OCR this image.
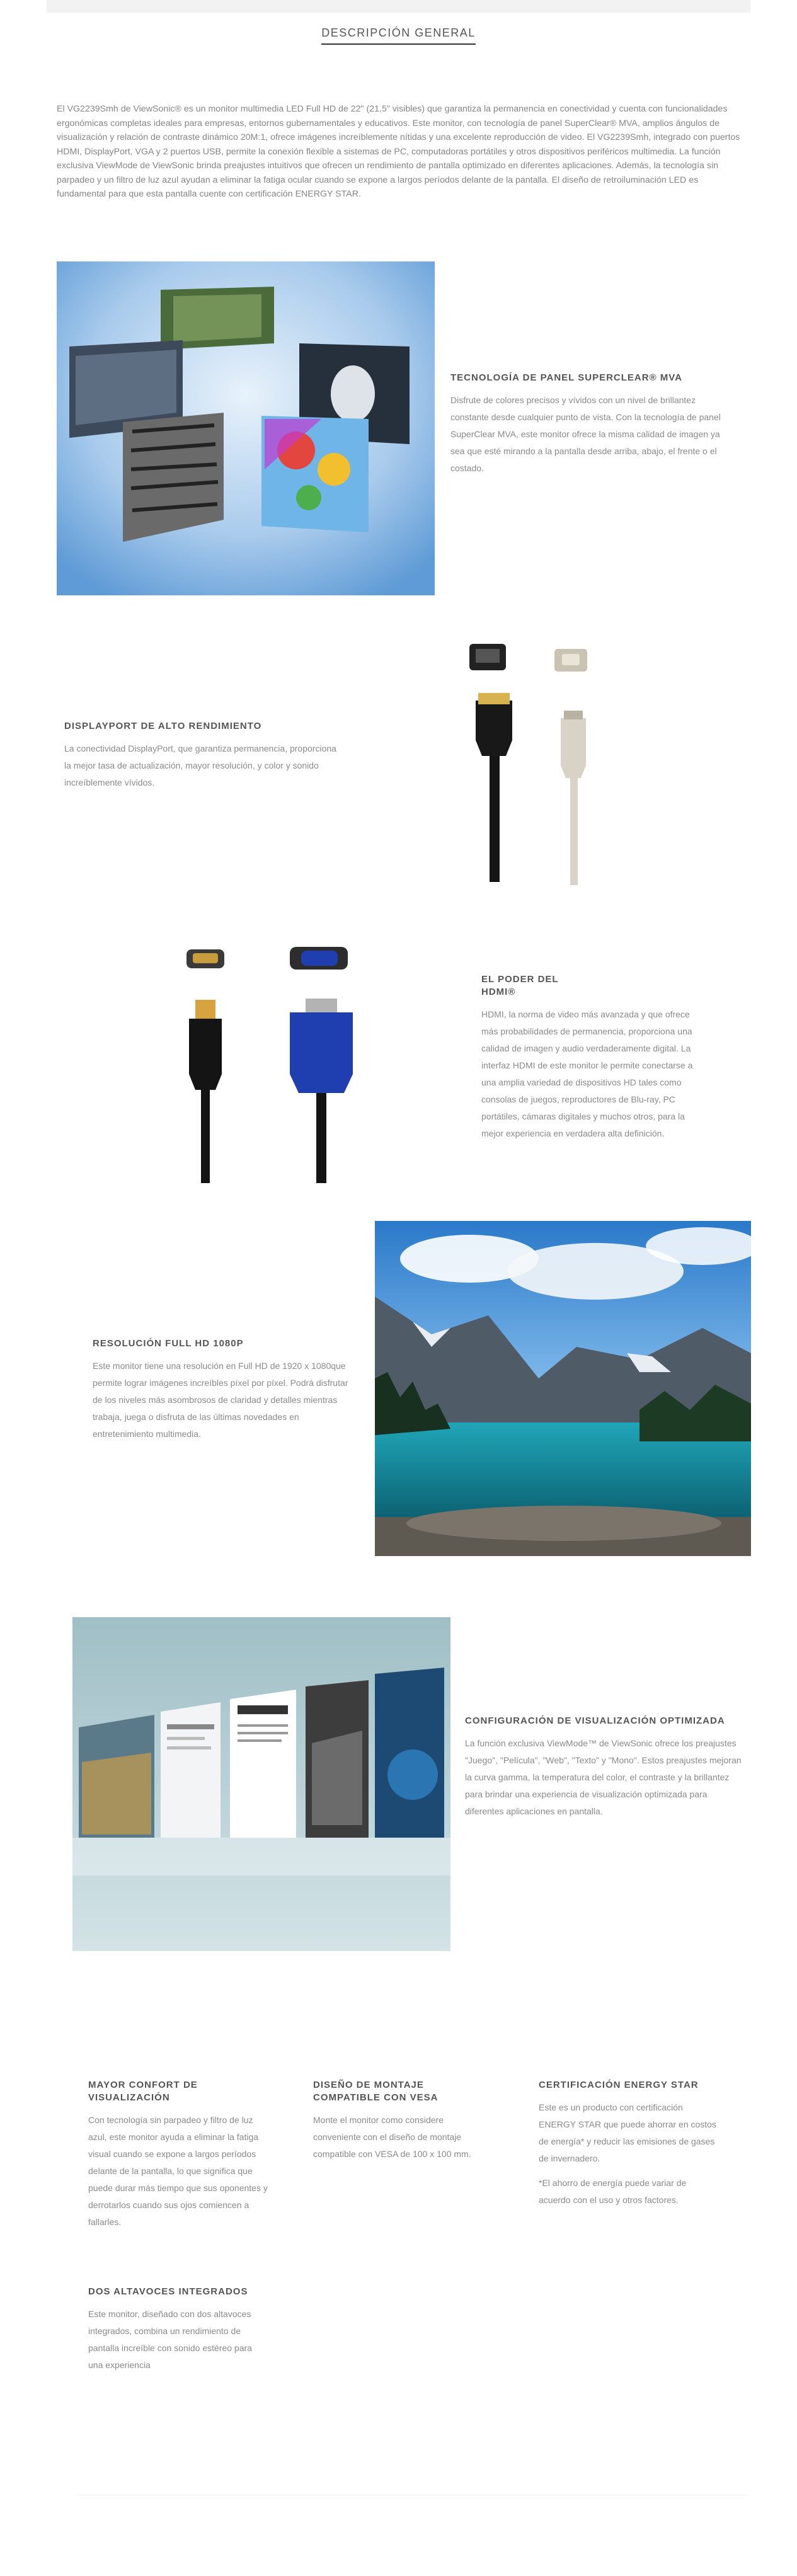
DESCRIPCIÓN GENERAL

El VG2239Smh de ViewSonic® es un monitor multimedia LED Full HD de 22" (21,5" visibles) que garantiza la permanencia en conectividad y cuenta con funcionalidades ergonómicas completas ideales para empresas, entornos gubernamentales y educativos. Este monitor, con tecnología de panel SuperClear® MVA, amplios ángulos de visualización y relación de contraste dinámico 20M:1, ofrece imágenes increíblemente nítidas y una excelente reproducción de video. El VG2239Smh, integrado con puertos HDMI, DisplayPort, VGA y 2 puertos USB, permite la conexión flexible a sistemas de PC, computadoras portátiles y otros dispositivos periféricos multimedia. La función exclusiva ViewMode de ViewSonic brinda preajustes intuitivos que ofrecen un rendimiento de pantalla optimizado en diferentes aplicaciones. Además, la tecnología sin parpadeo y un filtro de luz azul ayudan a eliminar la fatiga ocular cuando se expone a largos períodos delante de la pantalla. El diseño de retroiluminación LED es fundamental para que esta pantalla cuente con certificación ENERGY STAR.

TECNOLOGÍA DE PANEL SUPERCLEAR® MVA

Disfrute de colores precisos y vívidos con un nivel de brillantez constante desde cualquier punto de vista. Con la tecnología de panel SuperClear MVA, este monitor ofrece la misma calidad de imagen ya sea que esté mirando a la pantalla desde arriba, abajo, el frente o el costado.

DISPLAYPORT DE ALTO RENDIMIENTO

La conectividad DisplayPort, que garantiza permanencia, proporciona la mejor tasa de actualización, mayor resolución, y color y sonido increíblemente vívidos.

EL PODER DEL HDMI®

HDMI, la norma de video más avanzada y que ofrece más probabilidades de permanencia, proporciona una calidad de imagen y audio verdaderamente digital. La interfaz HDMI de este monitor le permite conectarse a una amplia variedad de dispositivos HD tales como consolas de juegos, reproductores de Blu-ray, PC portátiles, cámaras digitales y muchos otros, para la mejor experiencia en verdadera alta definición.

RESOLUCIÓN FULL HD 1080P

Este monitor tiene una resolución en Full HD de 1920 x 1080que permite lograr imágenes increíbles píxel por píxel. Podrá disfrutar de los niveles más asombrosos de claridad y detalles mientras trabaja, juega o disfruta de las últimas novedades en entretenimiento multimedia.

CONFIGURACIÓN DE VISUALIZACIÓN OPTIMIZADA

La función exclusiva ViewMode™ de ViewSonic ofrece los preajustes "Juego", "Película", "Web", "Texto" y "Mono". Estos preajustes mejoran la curva gamma, la temperatura del color, el contraste y la brillantez para brindar una experiencia de visualización optimizada para diferentes aplicaciones en pantalla.

MAYOR CONFORT DE VISUALIZACIÓN

Con tecnología sin parpadeo y filtro de luz azul, este monitor ayuda a eliminar la fatiga visual cuando se expone a largos períodos delante de la pantalla, lo que significa que puede durar más tiempo que sus oponentes y derrotarlos cuando sus ojos comiencen a fallarles.

DISEÑO DE MONTAJE COMPATIBLE CON VESA

Monte el monitor como considere conveniente con el diseño de montaje compatible con VESA de 100 x 100 mm.

CERTIFICACIÓN ENERGY STAR

Este es un producto con certificación ENERGY STAR que puede ahorrar en costos de energía* y reducir las emisiones de gases de invernadero.

*El ahorro de energía puede variar de acuerdo con el uso y otros factores.

DOS ALTAVOCES INTEGRADOS

Este monitor, diseñado con dos altavoces integrados, combina un rendimiento de pantalla increíble con sonido estéreo para una experiencia
